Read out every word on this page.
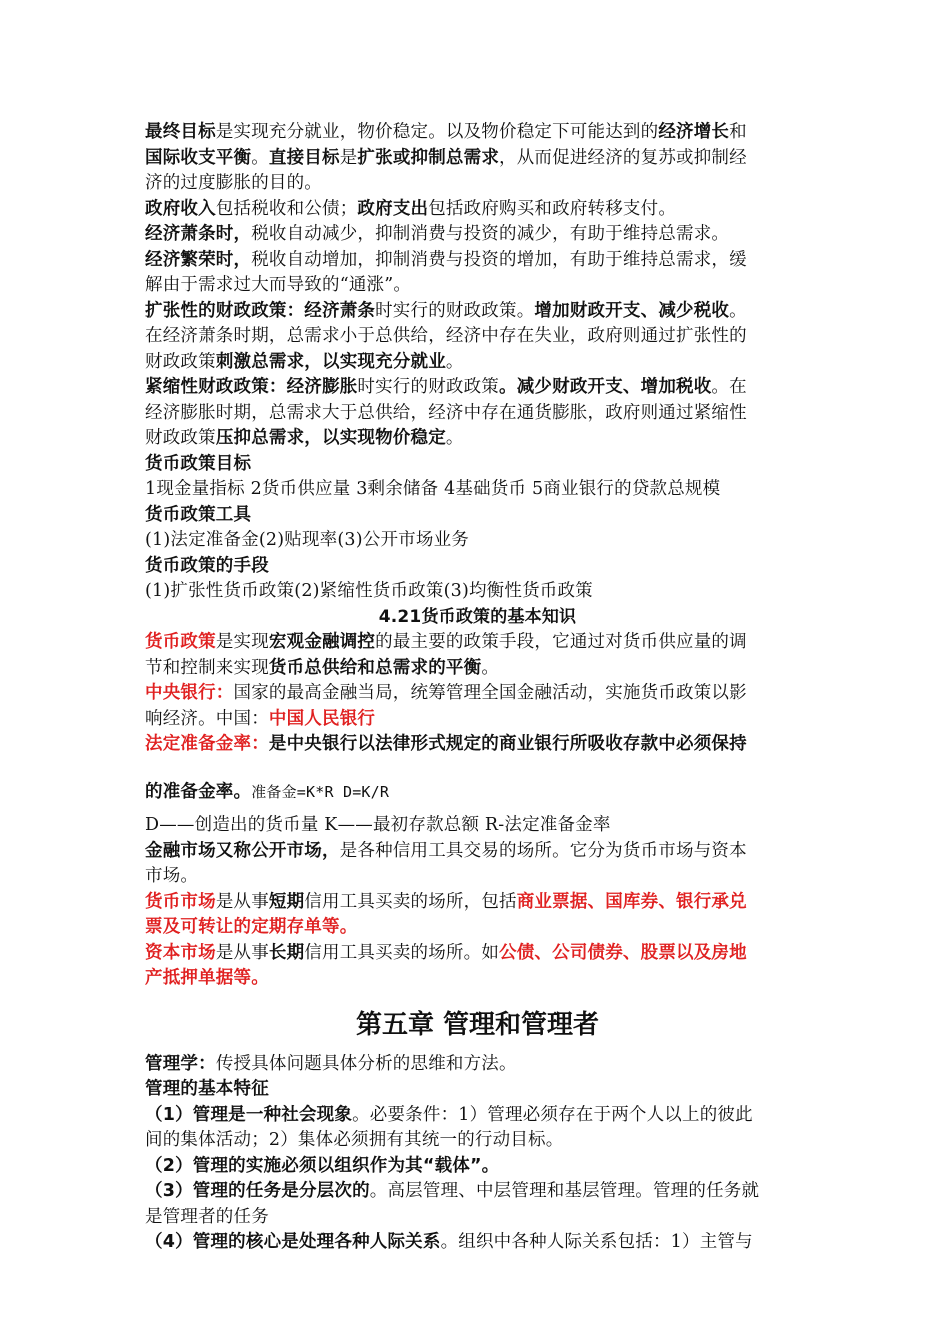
最终目标是实现充分就业，物价稳定。以及物价稳定下可能达到的经济增长和
国际收支平衡。直接目标是扩张或抑制总需求，从而促进经济的复苏或抑制经
济的过度膨胀的目的。
政府收入包括税收和公债；政府支出包括政府购买和政府转移支付。
经济萧条时，税收自动减少，抑制消费与投资的减少，有助于维持总需求。
经济繁荣时，税收自动增加，抑制消费与投资的增加，有助于维持总需求，缓
解由于需求过大而导致的“通涨”。
扩张性的财政政策：经济萧条时实行的财政政策。增加财政开支、减少税收。
在经济萧条时期，总需求小于总供给，经济中存在失业，政府则通过扩张性的
财政政策刺激总需求，以实现充分就业。
紧缩性财政政策：经济膨胀时实行的财政政策。减少财政开支、增加税收。在
经济膨胀时期，总需求大于总供给，经济中存在通货膨胀，政府则通过紧缩性
财政政策压抑总需求，以实现物价稳定。
货币政策目标
1现金量指标 2货币供应量 3剩余储备 4基础货币 5商业银行的贷款总规模
货币政策工具
(1)法定准备金(2)贴现率(3)公开市场业务
货币政策的手段
(1)扩张性货币政策(2)紧缩性货币政策(3)均衡性货币政策
4.21货币政策的基本知识
货币政策是实现宏观金融调控的最主要的政策手段，它通过对货币供应量的调
节和控制来实现货币总供给和总需求的平衡。
中央银行：国家的最高金融当局，统筹管理全国金融活动，实施货币政策以影
响经济。中国：中国人民银行
法定准备金率：是中央银行以法律形式规定的商业银行所吸收存款中必须保持
的准备金率。准备金=K*R D=K/R
D——创造出的货币量 K——最初存款总额 R-法定准备金率
金融市场又称公开市场，是各种信用工具交易的场所。它分为货币市场与资本
市场。
货币市场是从事短期信用工具买卖的场所，包括商业票据、国库券、银行承兑
票及可转让的定期存单等。
资本市场是从事长期信用工具买卖的场所。如公债、公司债券、股票以及房地
产抵押单据等。
第五章 管理和管理者
管理学：传授具体问题具体分析的思维和方法。
管理的基本特征
（1）管理是一种社会现象。必要条件：1）管理必须存在于两个人以上的彼此
间的集体活动；2）集体必须拥有其统一的行动目标。
（2）管理的实施必须以组织作为其“载体”。
（3）管理的任务是分层次的。高层管理、中层管理和基层管理。管理的任务就
是管理者的任务
（4）管理的核心是处理各种人际关系。组织中各种人际关系包括：1）主管与
